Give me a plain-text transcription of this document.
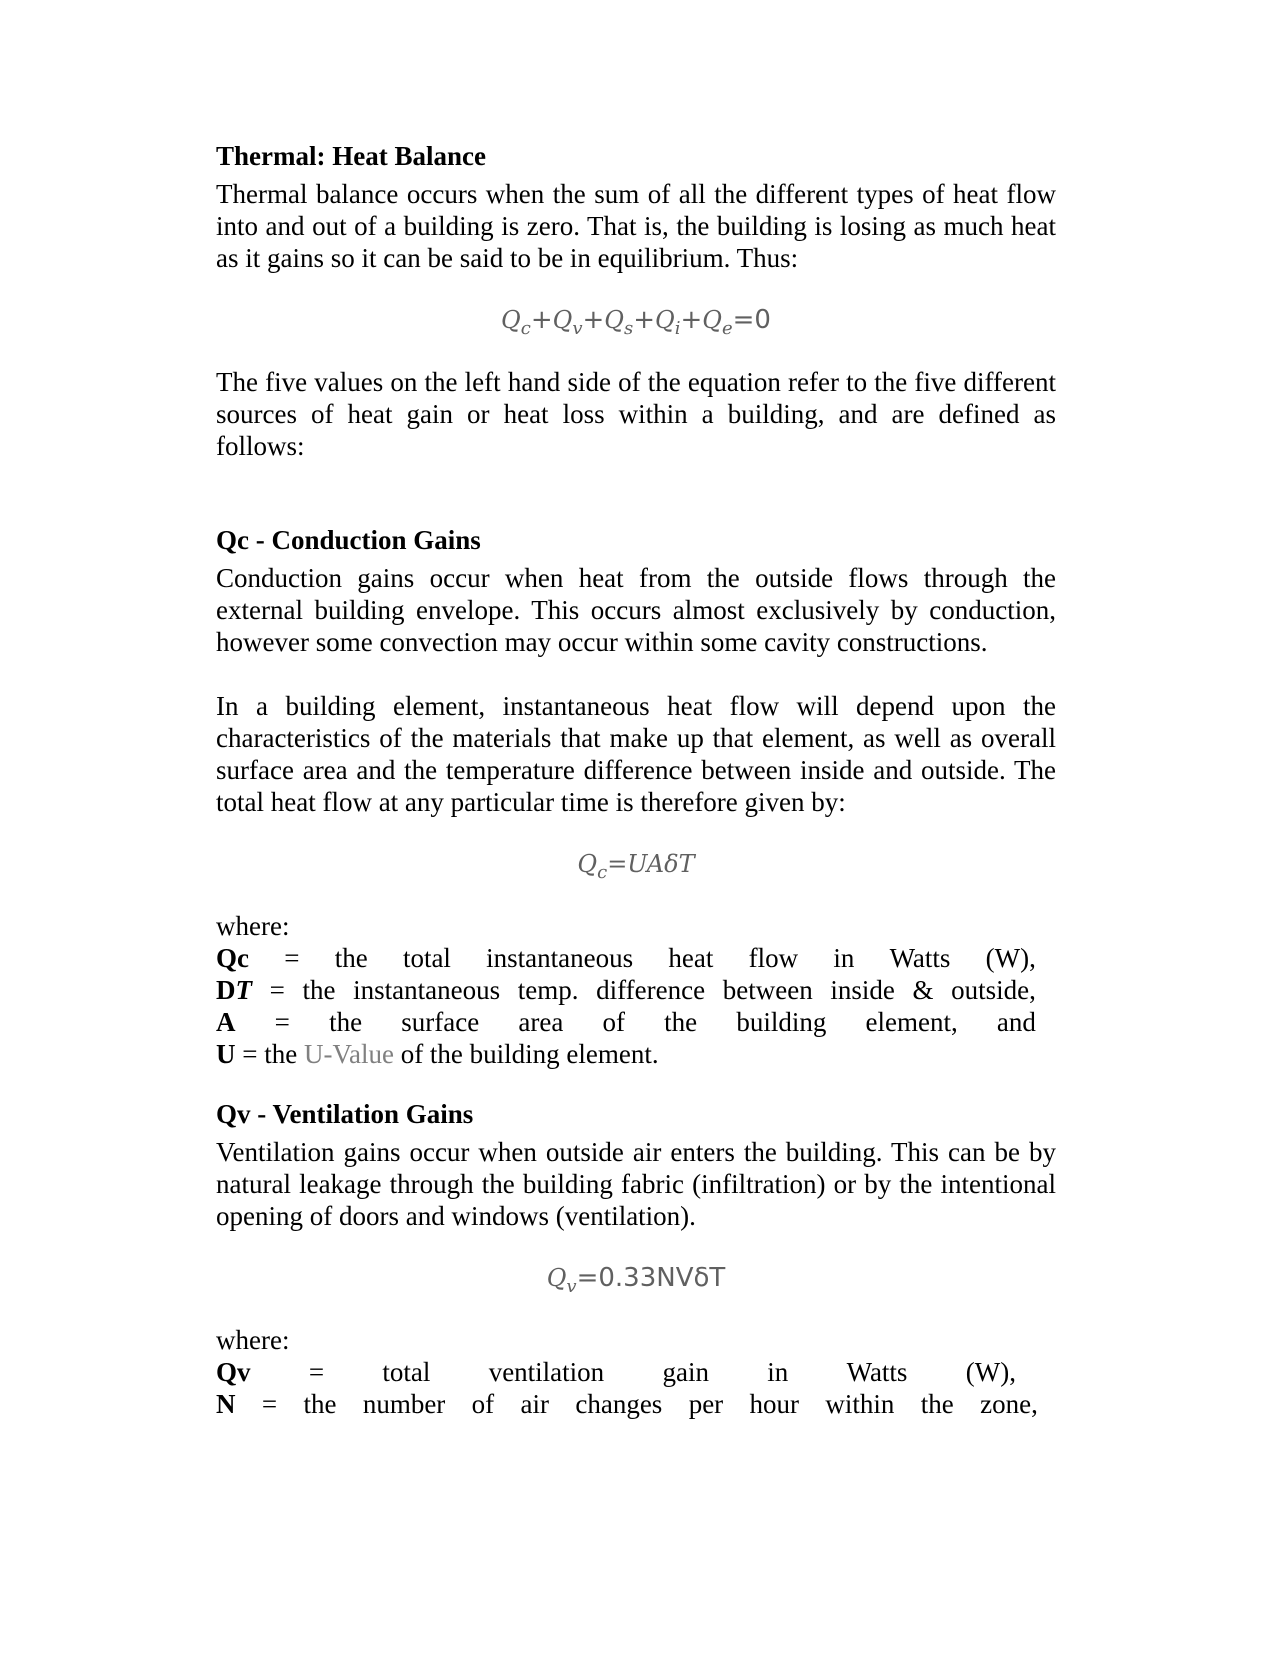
Thermal: Heat Balance

Thermal balance occurs when the sum of all the different types of heat flow into and out of a building is zero. That is, the building is losing as much heat as it gains so it can be said to be in equilibrium. Thus:

$Q_c+Q_v+Q_s+Q_i+Q_e=0$

The five values on the left hand side of the equation refer to the five different sources of heat gain or heat loss within a building, and are defined as follows:

Qc - Conduction Gains

Conduction gains occur when heat from the outside flows through the external building envelope. This occurs almost exclusively by conduction, however some convection may occur within some cavity constructions.

In a building element, instantaneous heat flow will depend upon the characteristics of the materials that make up that element, as well as overall surface area and the temperature difference between inside and outside. The total heat flow at any particular time is therefore given by:

$Q_c=UA\delta T$

where:

Qc = the total instantaneous heat flow in Watts (W),
DT = the instantaneous temp. difference between inside & outside,
A = the surface area of the building element, and

U = the U-Value of the building element.

Qv - Ventilation Gains

Ventilation gains occur when outside air enters the building. This can be by natural leakage through the building fabric (infiltration) or by the intentional opening of doors and windows (ventilation).

$Q_v=0.33NV\delta T$

where:

Qv = total ventilation gain in Watts (W),
N = the number of air changes per hour within the zone,
